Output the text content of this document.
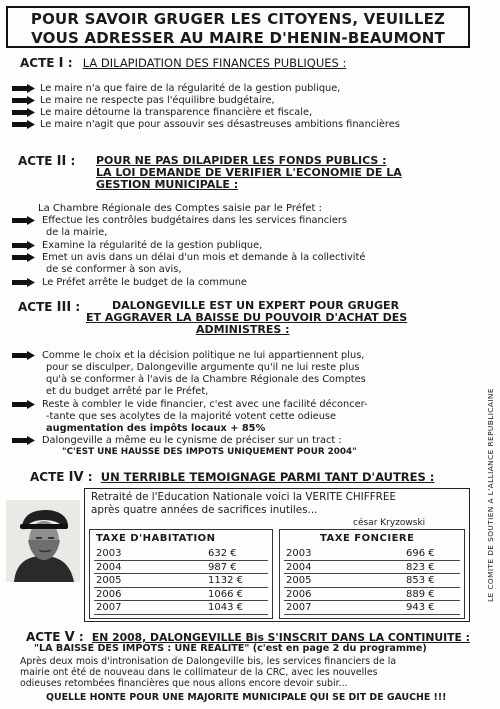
POUR SAVOIR GRUGER LES CITOYENS, VEUILLEZ
VOUS ADRESSER AU MAIRE D'HENIN-BEAUMONT
ACTE I : LA DILAPIDATION DES FINANCES PUBLIQUES :
Le maire n'a que faire de la régularité de la gestion publique,
Le maire ne respecte pas l'équilibre budgétaire,
Le maire détourne la transparence financière et fiscale,
Le maire n'agit que pour assouvir ses désastreuses ambitions financières
ACTE II : POUR NE PAS DILAPIDER LES FONDS PUBLICS :
LA LOI DEMANDE DE VERIFIER L'ECONOMIE DE LA
GESTION MUNICIPALE :
La Chambre Régionale des Comptes saisie par le Préfet :
Effectue les contrôles budgétaires dans les services financiers
de la mairie,
Examine la régularité de la gestion publique,
Emet un avis dans un délai d'un mois et demande à la collectivité
de se conformer à son avis,
Le Préfet arrête le budget de la commune
ACTE III :	DALONGEVILLE EST UN EXPERT POUR GRUGER
ET AGGRAVER LA BAISSE DU POUVOIR D'ACHAT DES
ADMINISTRES :
Comme le choix et la décision politique ne lui appartiennent plus,
pour se disculper, Dalongeville argumente qu'il ne lui reste plus
qu'à se conformer à l'avis de la Chambre Régionale des Comptes
et du budget arrêté par le Préfet,
Reste à combler le vide financier, c'est avec une facilité déconcer-
-tante que ses acolytes de la majorité votent cette odieuse
augmentation des impôts locaux + 85%
Dalongeville a même eu le cynisme de préciser sur un tract :
"C'EST UNE HAUSSE DES IMPOTS UNIQUEMENT POUR 2004"
ACTE IV : UN TERRIBLE TEMOIGNAGE PARMI TANT D'AUTRES :
Retraité de l'Education Nationale voici la VERITE CHIFFREE
après quatre années de sacrifices inutiles...
césar Kryzowski
TAXE D'HABITATION
2003	632 €
2004	987 €
2005	1132 €
2006	1066 €
2007	1043 €
TAXE FONCIERE
2003	696 €
2004	823 €
2005	853 €
2006	889 €
2007	943 €
ACTE V : EN 2008, DALONGEVILLE Bis S'INSCRIT DANS LA CONTINUITE :
"LA BAISSE DES IMPOTS : UNE REALITE" (c'est en page 2 du programme)
Après deux mois d'intronisation de Dalongeville bis, les services financiers de la
mairie ont été de nouveau dans le collimateur de la CRC, avec les nouvelles
odieuses retombées financières que nous allons encore devoir subir...
QUELLE HONTE POUR UNE MAJORITE MUNICIPALE QUI SE DIT DE GAUCHE !!!
LE COMITE DE SOUTIEN A L'ALLIANCE REPUBLICAINE
